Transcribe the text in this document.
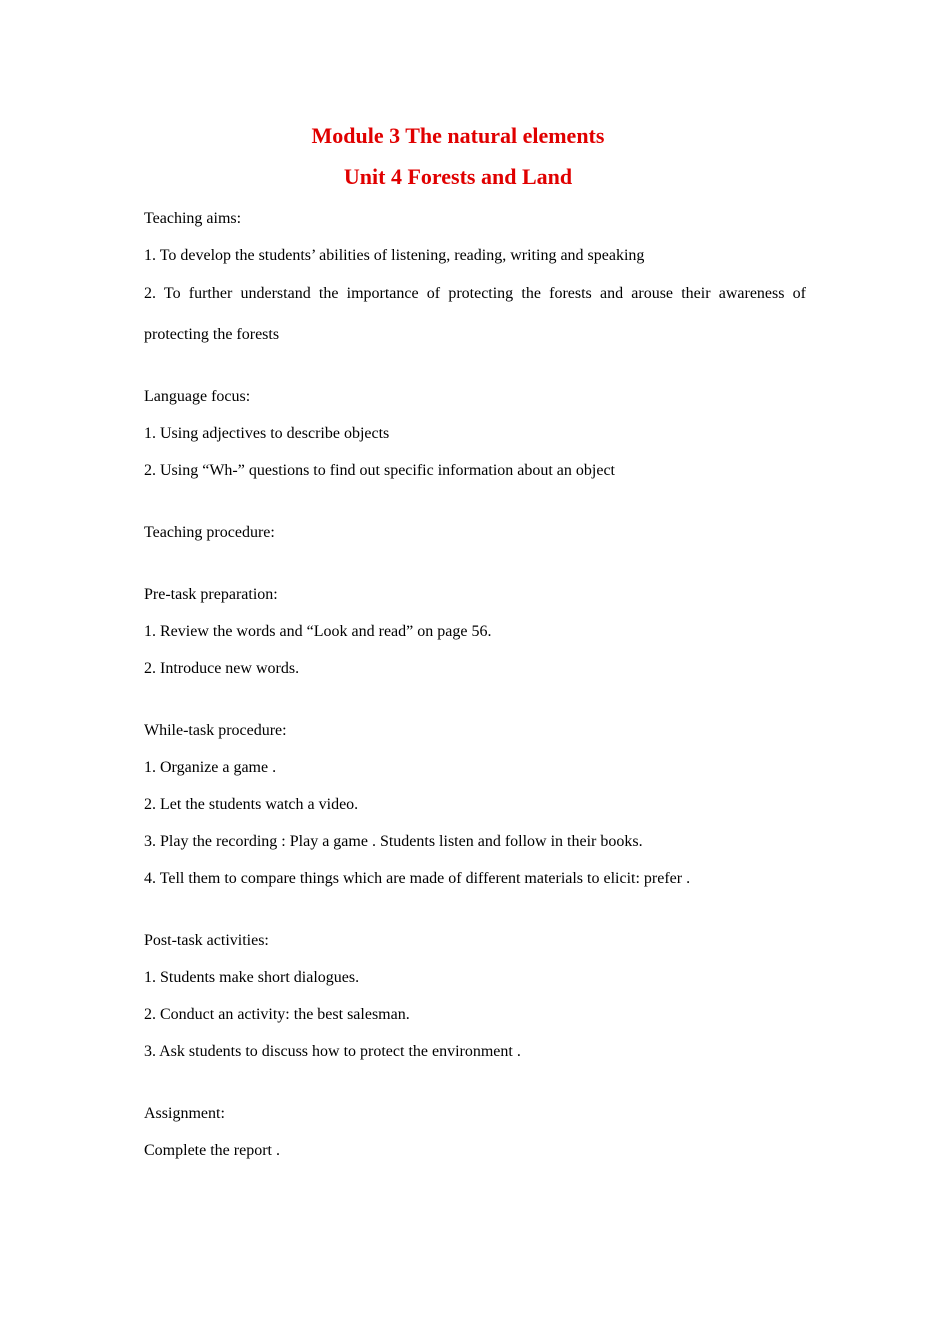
Module 3 The natural elements
Unit 4 Forests and Land

Teaching aims:

1. To develop the students’ abilities of listening, reading, writing and speaking

2. To further understand the importance of protecting the forests and arouse their awareness of

protecting the forests

Language focus:

1. Using adjectives to describe objects

2. Using “Wh-” questions to find out specific information about an object

Teaching procedure:

Pre-task preparation:

1. Review the words and “Look and read” on page 56.

2. Introduce new words.

While-task procedure:

1. Organize a game .

2. Let the students watch a video.

3. Play the recording : Play a game . Students listen and follow in their books.

4. Tell them to compare things which are made of different materials to elicit: prefer .

Post-task activities:

1. Students make short dialogues.

2. Conduct an activity: the best salesman.

3. Ask students to discuss how to protect the environment .

Assignment:

Complete the report .
